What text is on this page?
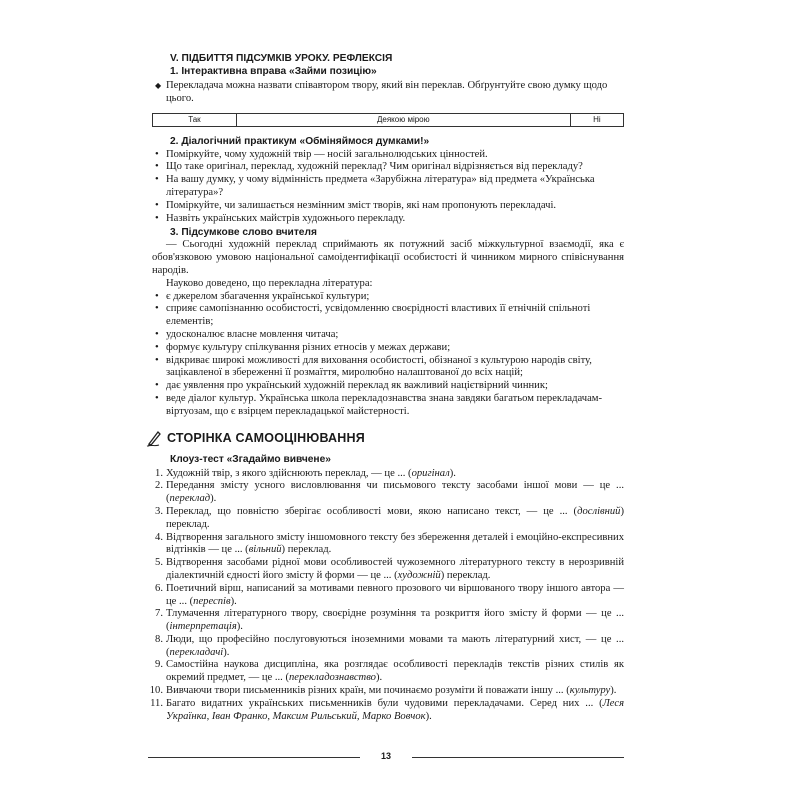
V. ПІДБИТТЯ ПІДСУМКІВ УРОКУ. РЕФЛЕКСІЯ

1. Інтерактивна вправа «Займи позицію»

◆ Перекладача можна назвати співавтором твору, який він переклав. Обґрунтуйте свою думку щодо цього.
Так	Деякою мірою	Ні

2. Діалогічний практикум «Обміняймося думками!»

• Поміркуйте, чому художній твір — носій загальнолюдських цінностей.
• Що таке оригінал, переклад, художній переклад? Чим оригінал відрізняється від перекладу?
• На вашу думку, у чому відмінність предмета «Зарубіжна література» від предмета «Українська література»?
• Поміркуйте, чи залишається незмінним зміст творів, які нам пропонують перекладачі.
• Назвіть українських майстрів художнього перекладу.

3. Підсумкове слово вчителя

— Сьогодні художній переклад сприймають як потужний засіб міжкультурної взаємодії, яка є обов'язковою умовою національної самоідентифікації особистості й чинником мирного співіснування народів.

Науково доведено, що перекладна література:

• є джерелом збагачення української культури;
• сприяє самопізнанню особистості, усвідомленню своєрідності властивих її етнічній спільноті елементів;
• удосконалює власне мовлення читача;
• формує культуру спілкування різних етносів у межах держави;
• відкриває широкі можливості для виховання особистості, обізнаної з культурою народів світу, зацікавленої в збереженні її розмаїття, миролюбно налаштованої до всіх націй;
• дає уявлення про український художній переклад як важливий націєтвірний чинник;
• веде діалог культур. Українська школа перекладознавства знана завдяки багатьом перекладачам-віртуозам, що є взірцем перекладацької майстерності.
СТОРІНКА САМООЦІНЮВАННЯ

Клоуз-тест «Згадаймо вивчене»

1. Художній твір, з якого здійснюють переклад, — це ... (оригінал).
2. Передання змісту усного висловлювання чи письмового тексту засобами іншої мови — це ... (переклад).
3. Переклад, що повністю зберігає особливості мови, якою написано текст, — це ... (дослівний) переклад.
4. Відтворення загального змісту іншомовного тексту без збереження деталей і емоційно-експресивних відтінків — це ... (вільний) переклад.
5. Відтворення засобами рідної мови особливостей чужоземного літературного тексту в нерозривній діалектичній єдності його змісту й форми — це ... (художній) переклад.
6. Поетичний вірш, написаний за мотивами певного прозового чи віршованого твору іншого автора — це ... (переспів).
7. Тлумачення літературного твору, своєрідне розуміння та розкриття його змісту й форми — це ... (інтерпретація).
8. Люди, що професійно послуговуються іноземними мовами та мають літературний хист, — це ... (перекладачі).
9. Самостійна наукова дисципліна, яка розглядає особливості перекладів текстів різних стилів як окремий предмет, — це ... (перекладознавство).
10. Вивчаючи твори письменників різних країн, ми починаємо розуміти й поважати іншу ... (культуру).
11. Багато видатних українських письменників були чудовими перекладачами. Серед них ... (Леся Українка, Іван Франко, Максим Рильський, Марко Вовчок).
13
